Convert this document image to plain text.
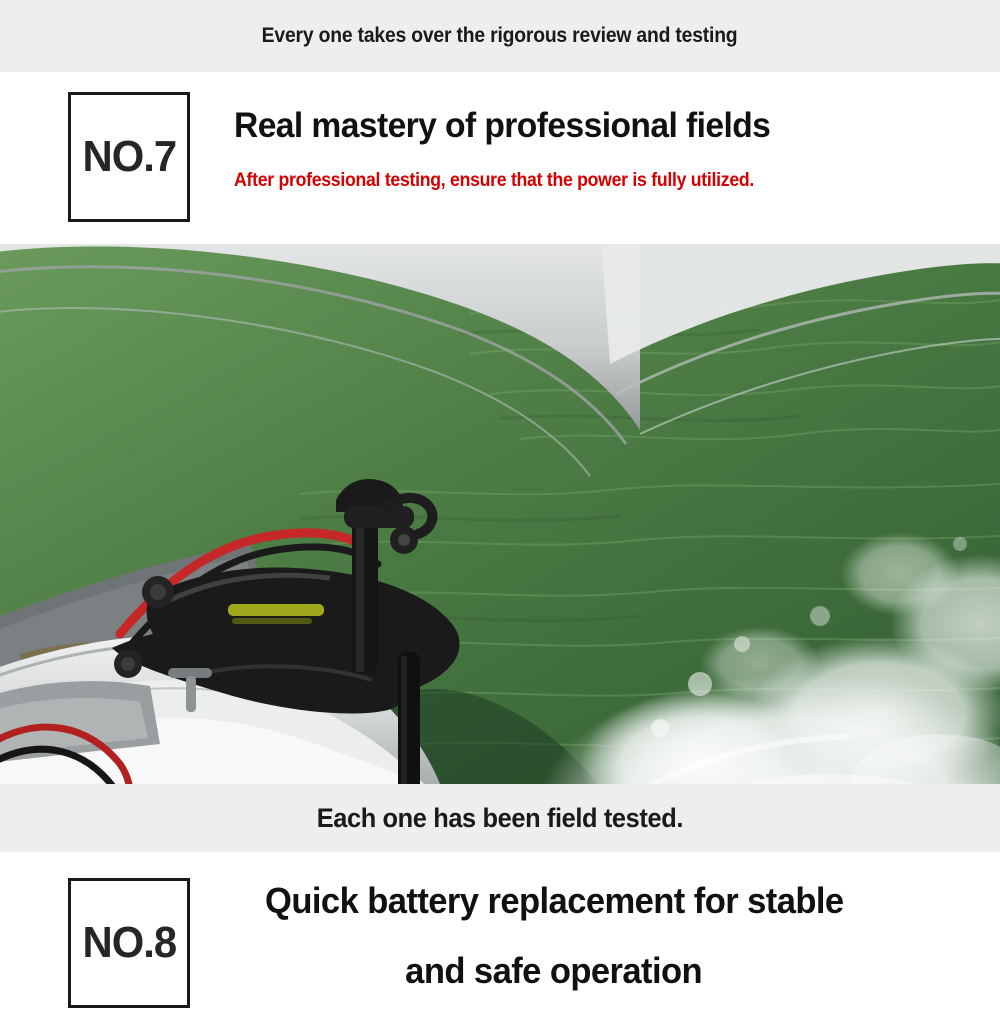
Every one takes over the rigorous review and testing
NO.7
Real mastery of professional fields
After professional testing, ensure that the power is fully utilized.
Each one has been field tested.
NO.8
Quick battery replacement for stable
and safe operation
